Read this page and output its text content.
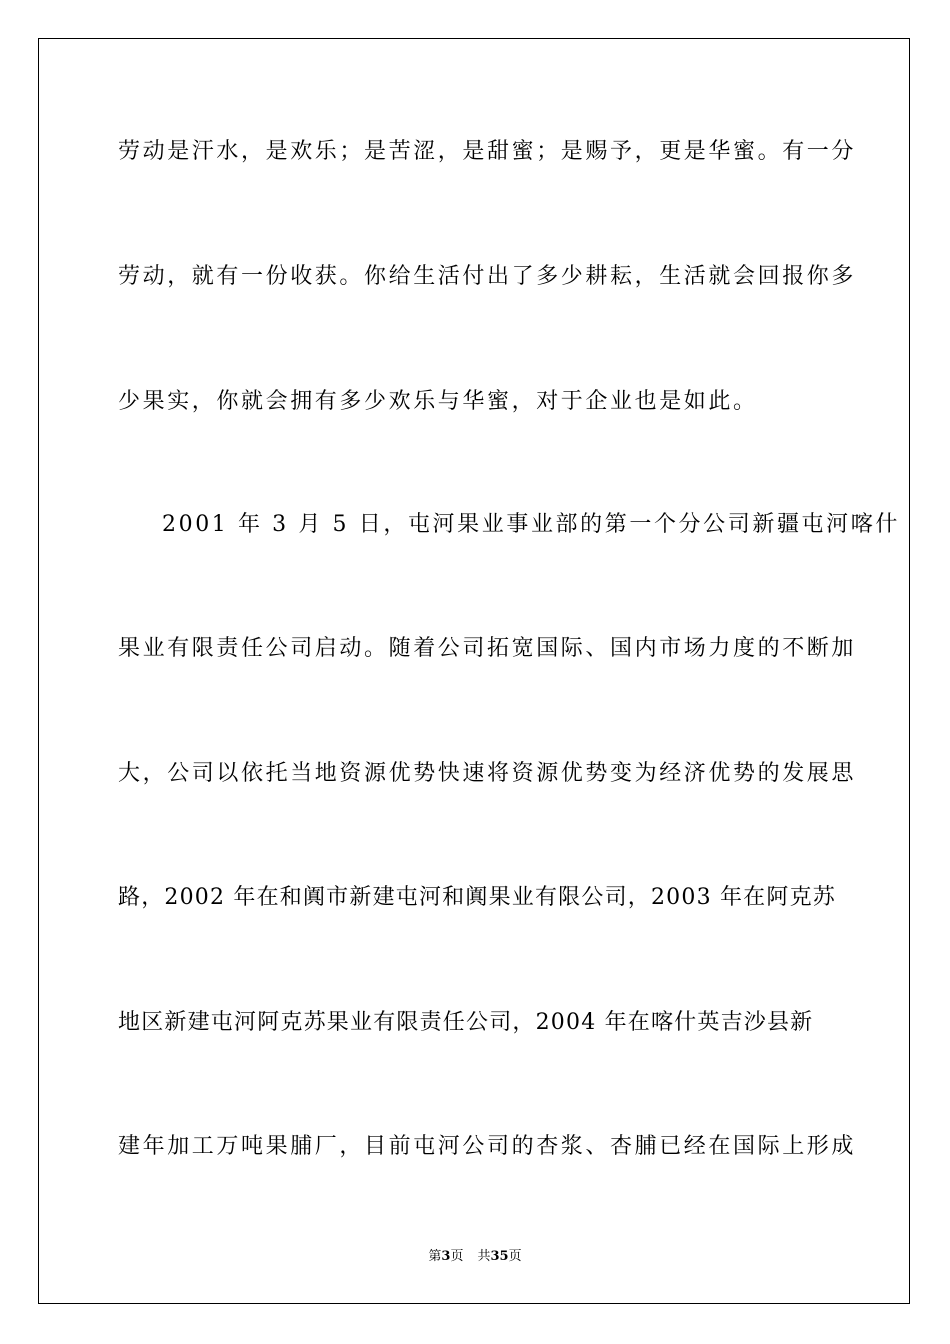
劳动是汗水，是欢乐；是苦涩，是甜蜜；是赐予，更是华蜜。有一分
劳动，就有一份收获。你给生活付出了多少耕耘，生活就会回报你多
少果实，你就会拥有多少欢乐与华蜜，对于企业也是如此。
2001 年 3 月 5 日，屯河果业事业部的第一个分公司新疆屯河喀什
果业有限责任公司启动。随着公司拓宽国际、国内市场力度的不断加
大，公司以依托当地资源优势快速将资源优势变为经济优势的发展思
路，2002 年在和阗市新建屯河和阗果业有限公司，2003 年在阿克苏
地区新建屯河阿克苏果业有限责任公司，2004 年在喀什英吉沙县新
建年加工万吨果脯厂，目前屯河公司的杏浆、杏脯已经在国际上形成
第3页 共35页
